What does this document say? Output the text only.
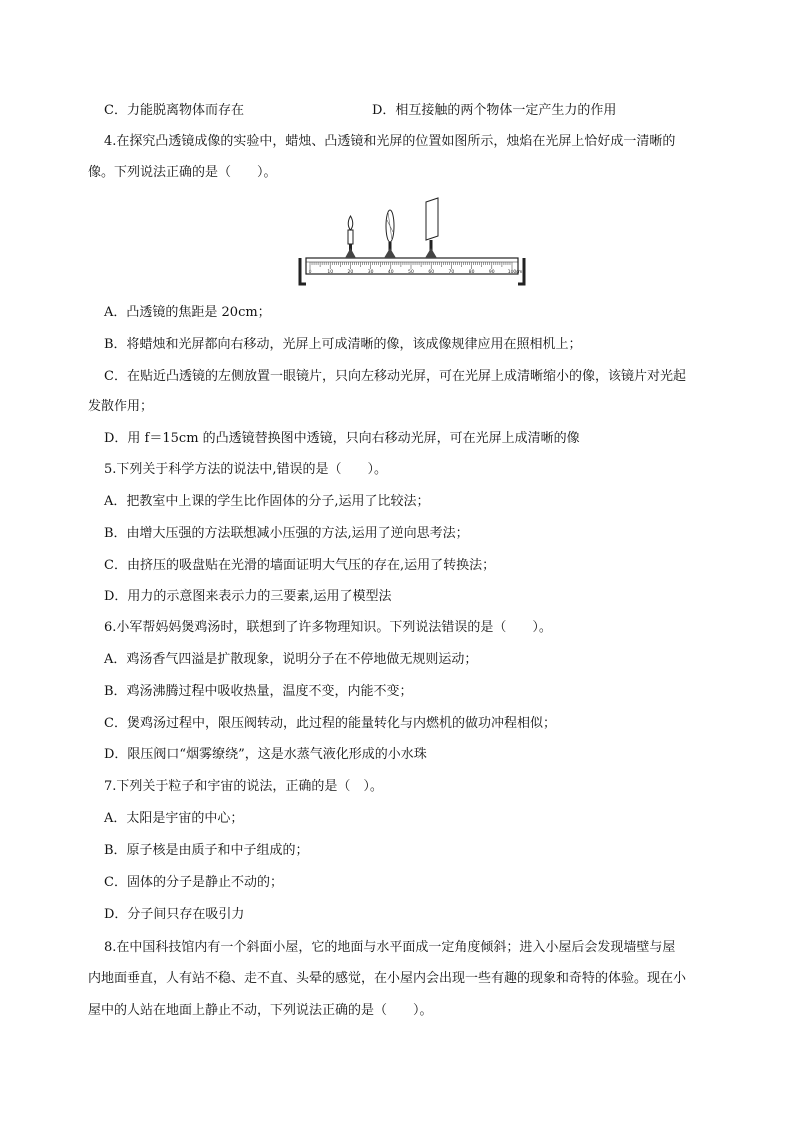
C．力能脱离物体而存在	D．相互接触的两个物体一定产生力的作用
4.在探究凸透镜成像的实验中，蜡烛、凸透镜和光屏的位置如图所示，烛焰在光屏上恰好成一清晰的
像。下列说法正确的是（　　）。
0	10	20	30	40	50	60	70	80	90	100 cm
A．凸透镜的焦距是 20cm；
B．将蜡烛和光屏都向右移动，光屏上可成清晰的像，该成像规律应用在照相机上；
C．在贴近凸透镜的左侧放置一眼镜片，只向左移动光屏，可在光屏上成清晰缩小的像，该镜片对光起
发散作用；
D．用 f＝15cm 的凸透镜替换图中透镜，只向右移动光屏，可在光屏上成清晰的像
5.下列关于科学方法的说法中,错误的是（　　）。
A．把教室中上课的学生比作固体的分子,运用了比较法；
B．由增大压强的方法联想减小压强的方法,运用了逆向思考法；
C．由挤压的吸盘贴在光滑的墙面证明大气压的存在,运用了转换法；
D．用力的示意图来表示力的三要素,运用了模型法
6.小军帮妈妈煲鸡汤时，联想到了许多物理知识。下列说法错误的是（　　）。
A．鸡汤香气四溢是扩散现象，说明分子在不停地做无规则运动；
B．鸡汤沸腾过程中吸收热量，温度不变，内能不变；
C．煲鸡汤过程中，限压阀转动，此过程的能量转化与内燃机的做功冲程相似；
D．限压阀口“烟雾缭绕”，这是水蒸气液化形成的小水珠
7.下列关于粒子和宇宙的说法，正确的是（　）。
A．太阳是宇宙的中心；
B．原子核是由质子和中子组成的；
C．固体的分子是静止不动的；
D．分子间只存在吸引力
8.在中国科技馆内有一个斜面小屋，它的地面与水平面成一定角度倾斜；进入小屋后会发现墙壁与屋
内地面垂直，人有站不稳、走不直、头晕的感觉，在小屋内会出现一些有趣的现象和奇特的体验。现在小
屋中的人站在地面上静止不动，下列说法正确的是（　　）。
